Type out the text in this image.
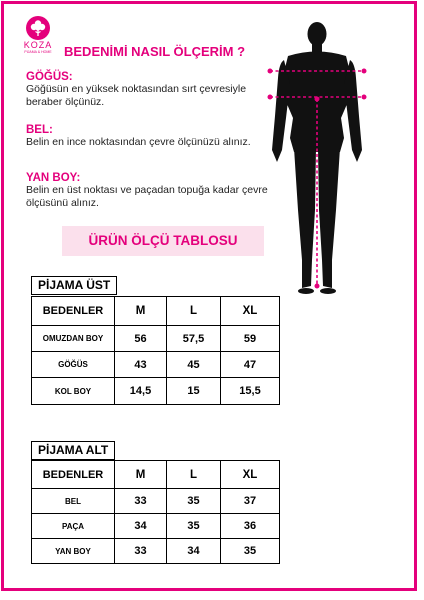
KOZA
PIJAMA & HOME BEDENİMİ NASIL ÖLÇERİM ?
GÖĞÜS:
Göğüsün en yüksek noktasından sırt çevresiyle beraber ölçünüz.
BEL:
Belin en ince noktasından çevre ölçünüzü alınız.
YAN BOY:
Belin en üst noktası ve paçadan topuğa kadar çevre ölçüsünü alınız.
ÜRÜN ÖLÇÜ TABLOSU
PİJAMA ÜST
BEDENLER	M	L	XL
OMUZDAN BOY	56	57,5	59
GÖĞÜS	43	45	47
KOL BOY	14,5	15	15,5
PİJAMA ALT
BEDENLER	M	L	XL
BEL	33	35	37
PAÇA	34	35	36
YAN BOY	33	34	35
